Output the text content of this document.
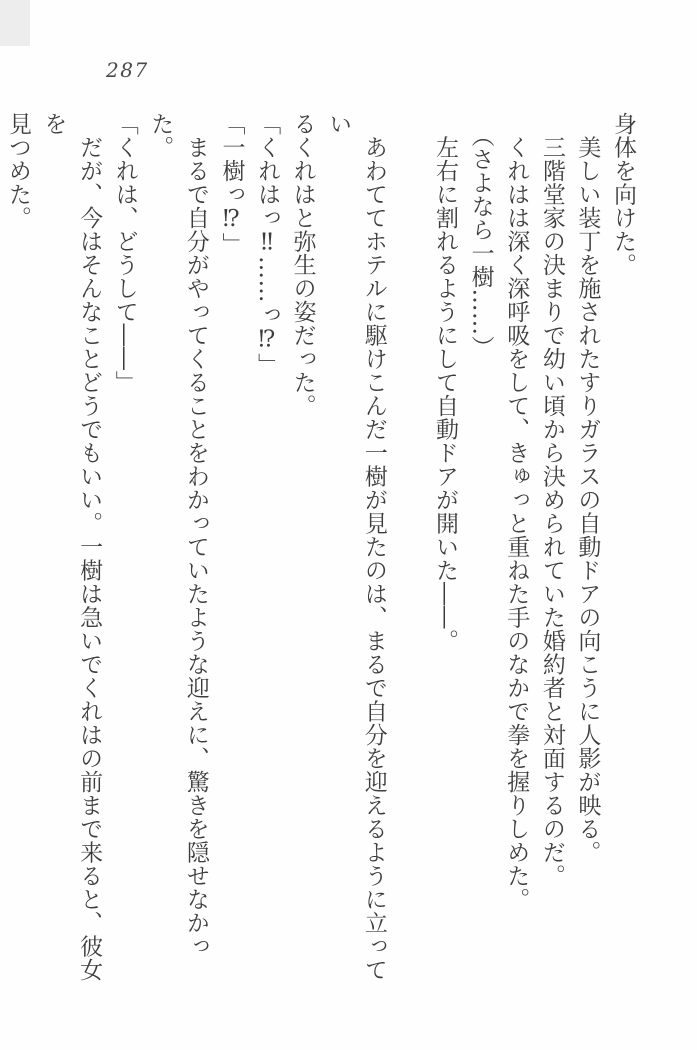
287

身体を向けた。

　美しい装丁を施されたすりガラスの自動ドアの向こうに人影が映る。

　三階堂家の決まりで幼い頃から決められていた婚約者と対面するのだ。

　くれはは深く深呼吸をして、きゅっと重ねた手のなかで拳を握りしめた。

　（さよなら一樹……）

　左右に割れるようにして自動ドアが開いた――。

　あわててホテルに駆けこんだ一樹が見たのは、まるで自分を迎えるように立ってい

るくれはと弥生の姿だった。

「くれはっ‼……っ⁉」

「一樹っ⁉」

　まるで自分がやってくることをわかっていたような迎えに、驚きを隠せなかった。

「くれは、どうして――」

　だが、今はそんなことどうでもいい。一樹は急いでくれはの前まで来ると、彼女を

見つめた。
